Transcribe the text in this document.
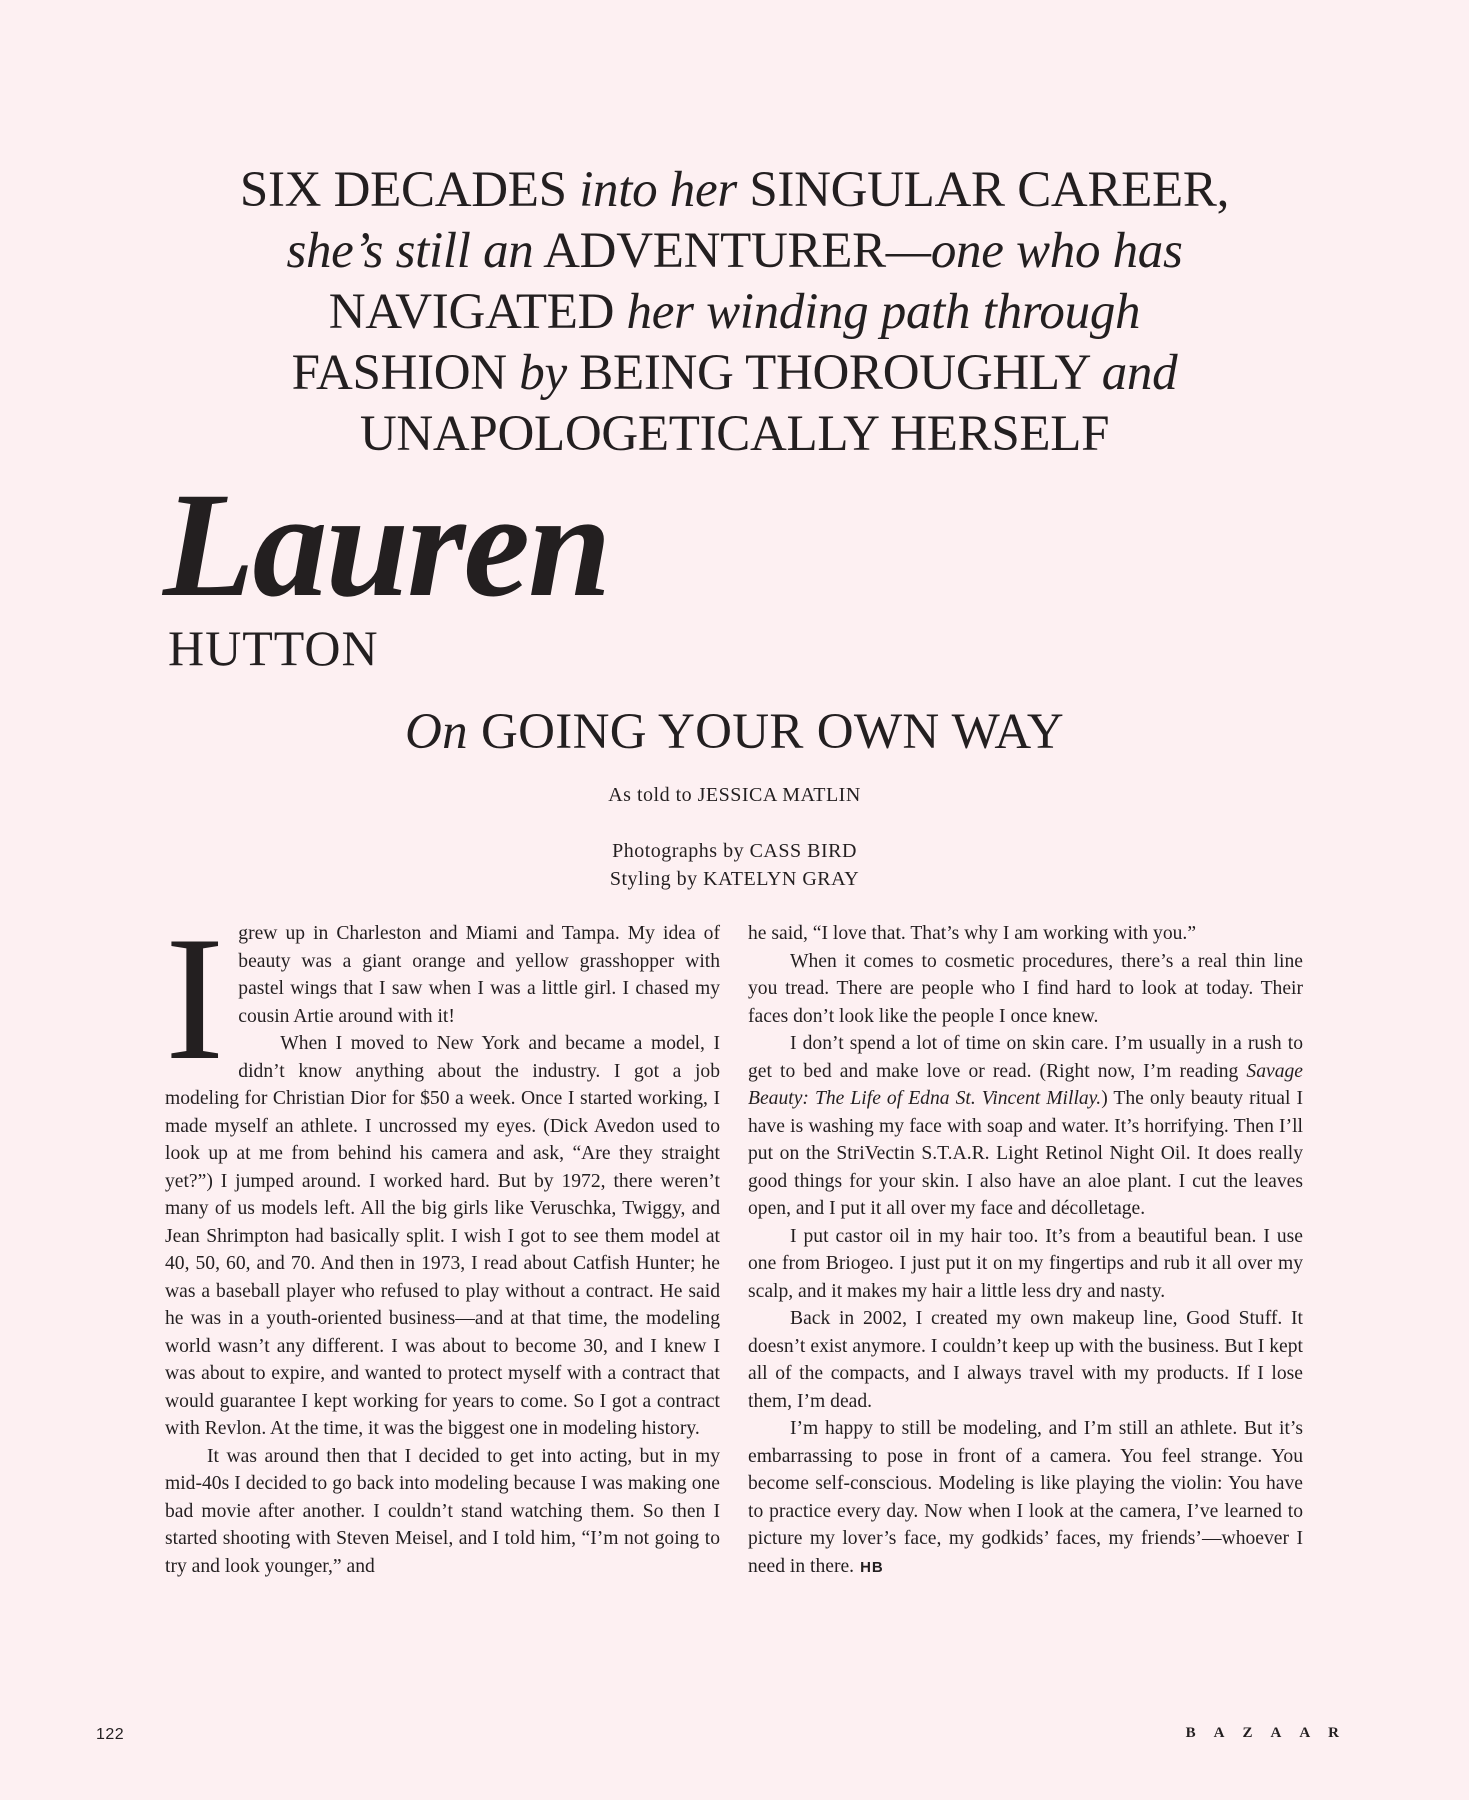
SIX DECADES into her SINGULAR CAREER,
she’s still an ADVENTURER—one who has
NAVIGATED her winding path through
FASHION by BEING THOROUGHLY and
UNAPOLOGETICALLY HERSELF
Lauren
HUTTON
On GOING YOUR OWN WAY
As told to JESSICA MATLIN
Photographs by CASS BIRD
Styling by KATELYN GRAY

Igrew up in Charleston and Miami and Tampa. My idea of beauty was a giant orange and yellow grasshopper with pastel wings that I saw when I was a little girl. I chased my cousin Artie around with it!

When I moved to New York and became a model, I didn’t know anything about the industry. I got a job modeling for Christian Dior for $50 a week. Once I started working, I made myself an athlete. I uncrossed my eyes. (Dick Avedon used to look up at me from behind his camera and ask, “Are they straight yet?”) I jumped around. I worked hard. But by 1972, there weren’t many of us models left. All the big girls like Veruschka, Twiggy, and Jean Shrimpton had basically split. I wish I got to see them model at 40, 50, 60, and 70. And then in 1973, I read about Catfish Hunter; he was a baseball player who refused to play without a contract. He said he was in a youth-oriented business—and at that time, the modeling world wasn’t any different. I was about to become 30, and I knew I was about to expire, and wanted to protect myself with a contract that would guarantee I kept working for years to come. So I got a contract with Revlon. At the time, it was the biggest one in modeling history.

It was around then that I decided to get into acting, but in my mid-40s I decided to go back into modeling because I was making one bad movie after another. I couldn’t stand watching them. So then I started shooting with Steven Meisel, and I told him, “I’m not going to try and look younger,” and

he said, “I love that. That’s why I am working with you.”

When it comes to cosmetic procedures, there’s a real thin line you tread. There are people who I find hard to look at today. Their faces don’t look like the people I once knew.

I don’t spend a lot of time on skin care. I’m usually in a rush to get to bed and make love or read. (Right now, I’m reading Savage Beauty: The Life of Edna St. Vincent Millay.) The only beauty ritual I have is washing my face with soap and water. It’s horrifying. Then I’ll put on the StriVectin S.T.A.R. Light Retinol Night Oil. It does really good things for your skin. I also have an aloe plant. I cut the leaves open, and I put it all over my face and décolletage.

I put castor oil in my hair too. It’s from a beautiful bean. I use one from Briogeo. I just put it on my fingertips and rub it all over my scalp, and it makes my hair a little less dry and nasty.

Back in 2002, I created my own makeup line, Good Stuff. It doesn’t exist anymore. I couldn’t keep up with the business. But I kept all of the compacts, and I always travel with my products. If I lose them, I’m dead.

I’m happy to still be modeling, and I’m still an athlete. But it’s embarrassing to pose in front of a camera. You feel strange. You become self-conscious. Modeling is like playing the violin: You have to practice every day. Now when I look at the camera, I’ve learned to picture my lover’s face, my godkids’ faces, my friends’—whoever I need in there. HB

122	BAZAAR
